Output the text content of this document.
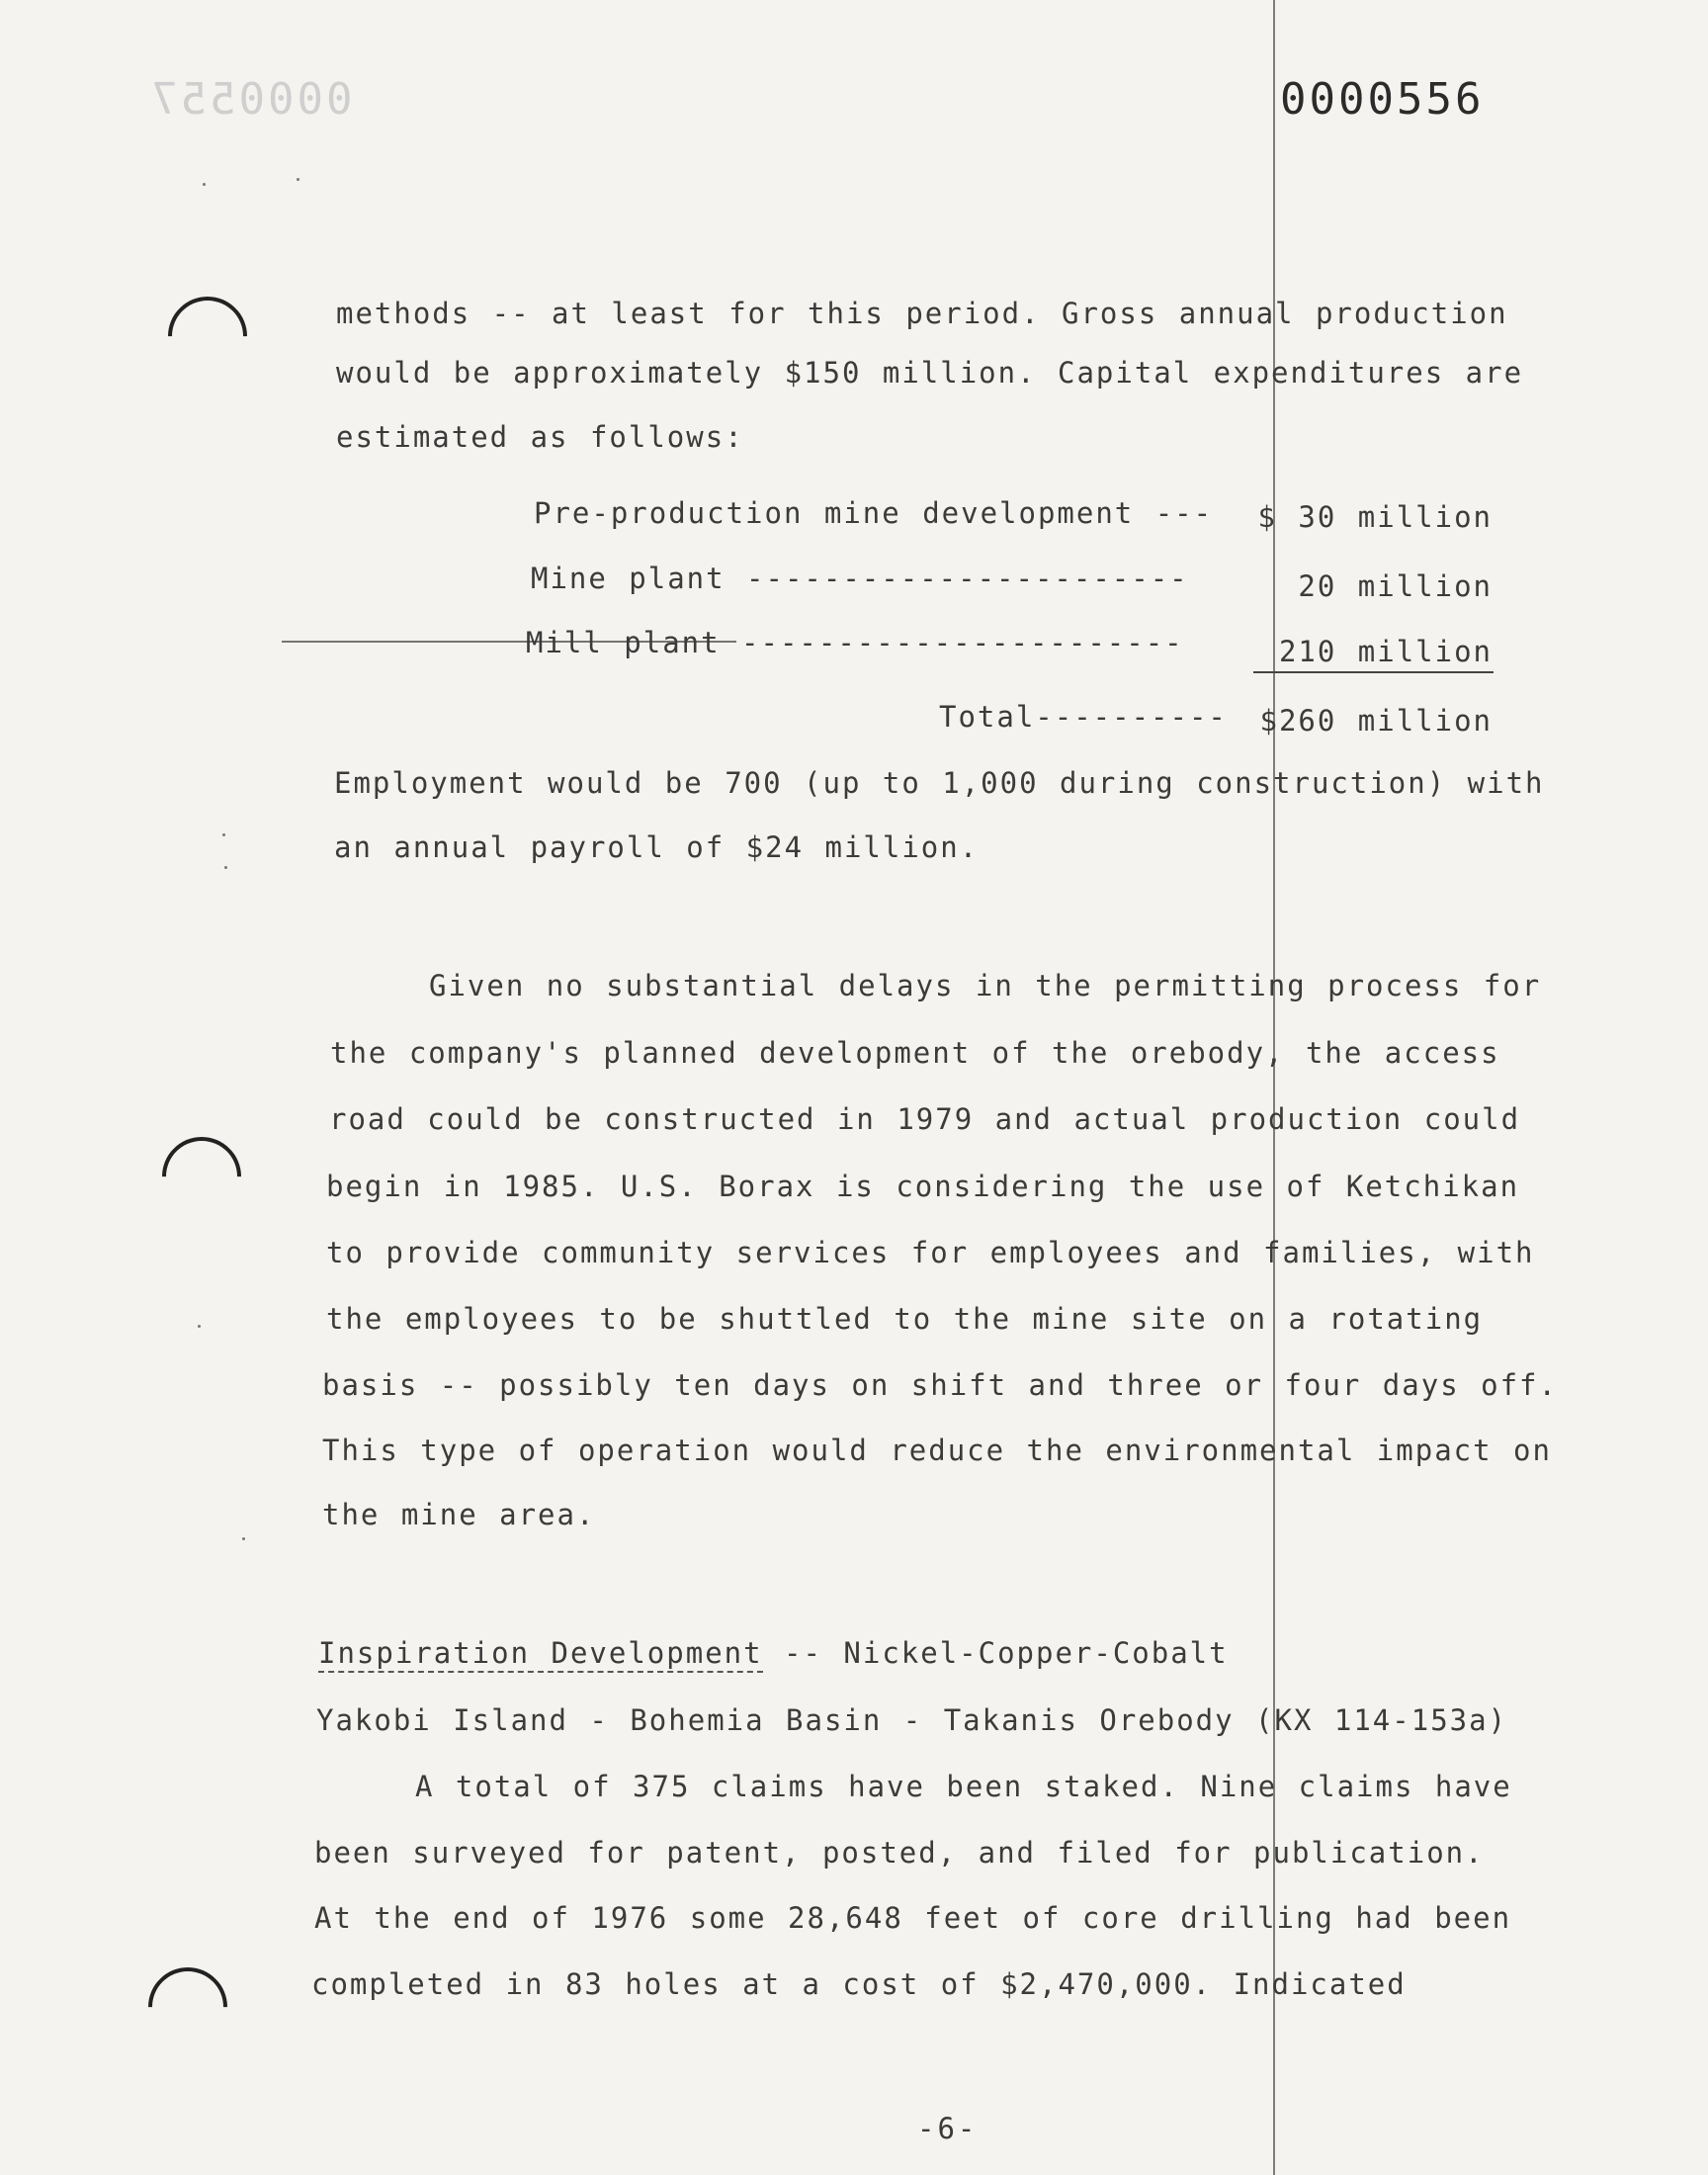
0000557	0000556
methods -- at least for this period. Gross annual production
would be approximately $150 million. Capital expenditures are
estimated as follows:
Pre-production mine development --- $ 30 million
Mine plant -----------------------	20 million
Mill plant -----------------------	210 million
Total---------- $260 million
Employment would be 700 (up to 1,000 during construction) with
an annual payroll of $24 million.
Given no substantial delays in the permitting process for
the company's planned development of the orebody, the access
road could be constructed in 1979 and actual production could
begin in 1985. U.S. Borax is considering the use of Ketchikan
to provide community services for employees and families, with
the employees to be shuttled to the mine site on a rotating
basis -- possibly ten days on shift and three or four days off.
This type of operation would reduce the environmental impact on
the mine area.
Inspiration Development -- Nickel-Copper-Cobalt
Yakobi Island - Bohemia Basin - Takanis Orebody (KX 114-153a)
A total of 375 claims have been staked. Nine claims have
been surveyed for patent, posted, and filed for publication.
At the end of 1976 some 28,648 feet of core drilling had been
completed in 83 holes at a cost of $2,470,000. Indicated
-6-
